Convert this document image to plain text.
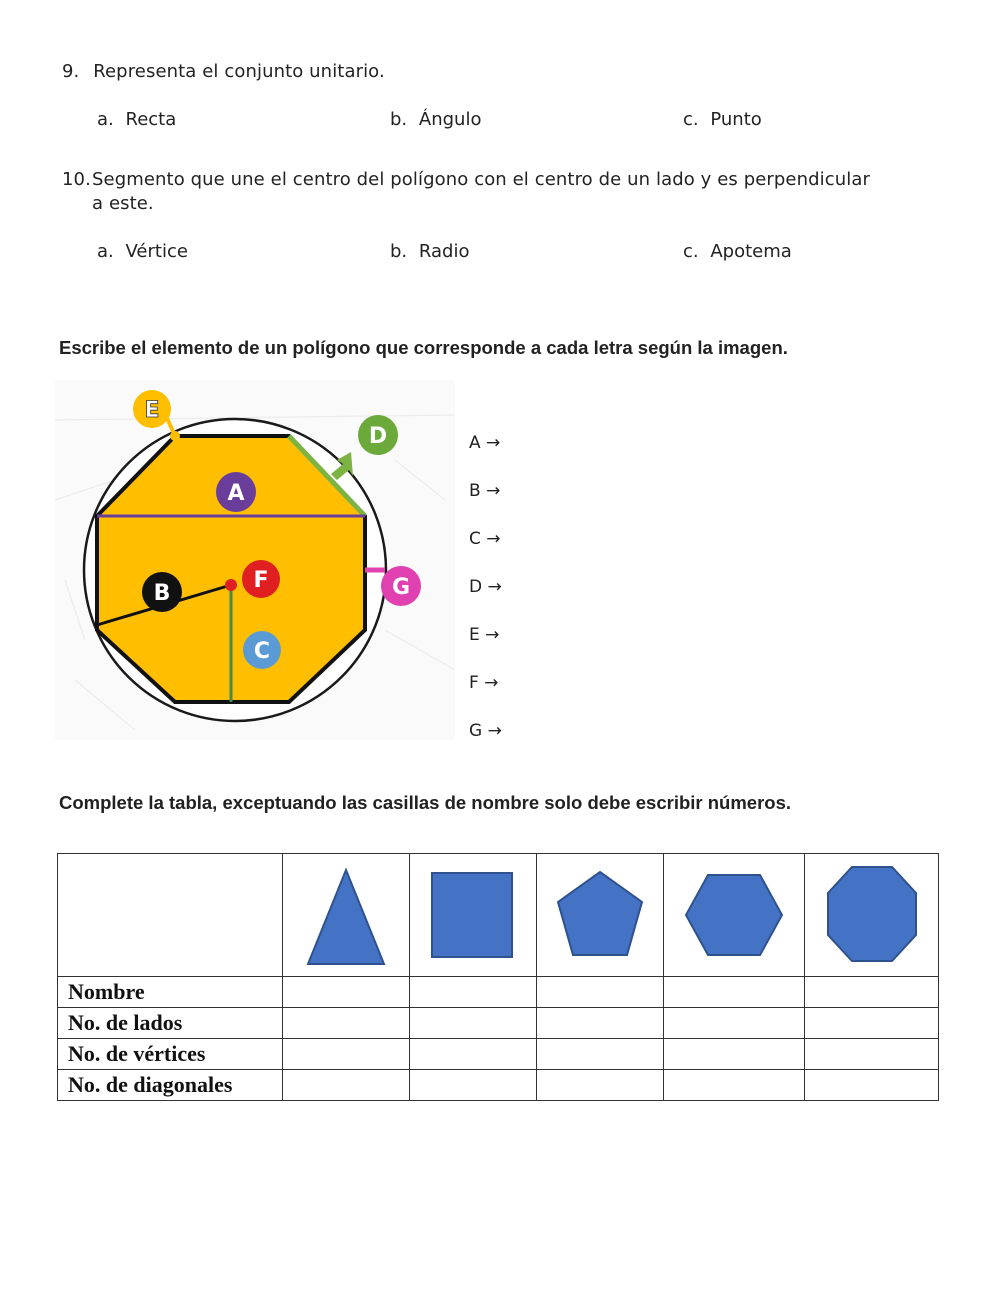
9. Representa el conjunto unitario.
a. Recta	b. Ángulo	c. Punto
10. Segmento que une el centro del polígono con el centro de un lado y es perpendicular
a este.
a. Vértice	b. Radio	c. Apotema
Escribe el elemento de un polígono que corresponde a cada letra según la imagen.
E
D
A
B
F	G
C
A →
B →
C →
D →
E →
F →
G →
Complete la tabla, exceptuando las casillas de nombre solo debe escribir números.

Nombre					
No. de lados					
No. de vértices					
No. de diagonales					
